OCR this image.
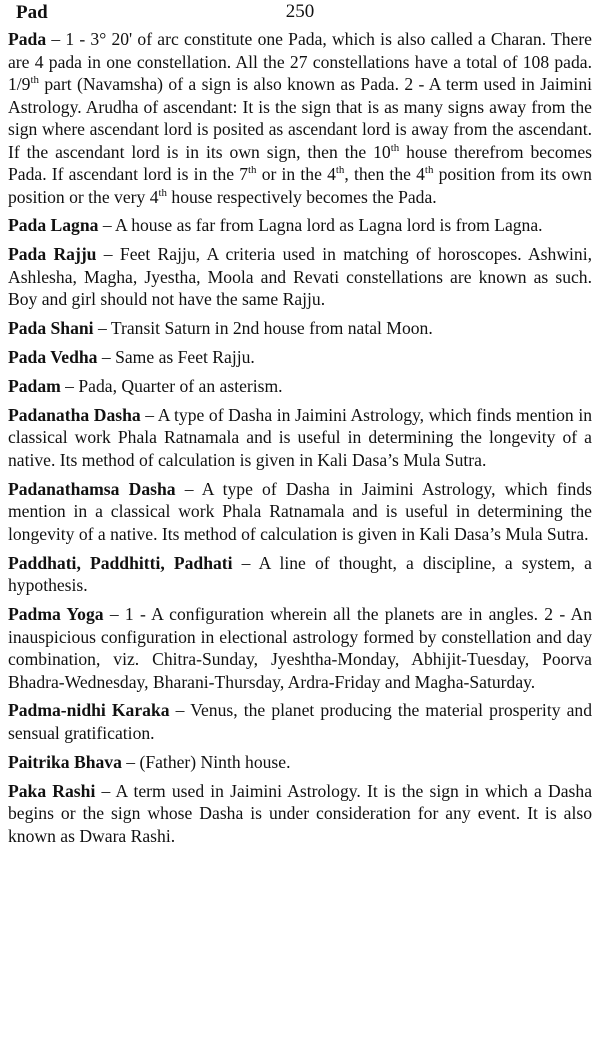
Pad	250

Pada – 1 - 3° 20' of arc constitute one Pada, which is also called a Charan. There are 4 pada in one constellation. All the 27 constellations have a total of 108 pada. 1/9th part (Navamsha) of a sign is also known as Pada. 2 - A term used in Jaimini Astrology. Arudha of ascendant: It is the sign that is as many signs away from the sign where ascendant lord is posited as ascendant lord is away from the ascendant. If the ascendant lord is in its own sign, then the 10th house therefrom becomes Pada. If ascendant lord is in the 7th or in the 4th, then the 4th position from its own position or the very 4th house respectively becomes the Pada.

Pada Lagna – A house as far from Lagna lord as Lagna lord is from Lagna.

Pada Rajju – Feet Rajju, A criteria used in matching of horoscopes. Ashwini, Ashlesha, Magha, Jyestha, Moola and Revati constellations are known as such. Boy and girl should not have the same Rajju.

Pada Shani – Transit Saturn in 2nd house from natal Moon.

Pada Vedha – Same as Feet Rajju.

Padam – Pada, Quarter of an asterism.

Padanatha Dasha – A type of Dasha in Jaimini Astrology, which finds mention in classical work Phala Ratnamala and is useful in determining the longevity of a native. Its method of calculation is given in Kali Dasa’s Mula Sutra.

Padanathamsa Dasha – A type of Dasha in Jaimini Astrology, which finds mention in a classical work Phala Ratnamala and is useful in determining the longevity of a native. Its method of calculation is given in Kali Dasa’s Mula Sutra.

Paddhati, Paddhitti, Padhati – A line of thought, a discipline, a system, a hypothesis.

Padma Yoga – 1 - A configuration wherein all the planets are in angles. 2 - An inauspicious configuration in electional astrology formed by constellation and day combination, viz. Chitra-Sunday, Jyeshtha-Monday, Abhijit-Tuesday, Poorva Bhadra-Wednesday, Bharani-Thursday, Ardra-Friday and Magha-Saturday.

Padma-nidhi Karaka – Venus, the planet producing the material prosperity and sensual gratification.

Paitrika Bhava – (Father) Ninth house.

Paka Rashi – A term used in Jaimini Astrology. It is the sign in which a Dasha begins or the sign whose Dasha is under consideration for any event. It is also known as Dwara Rashi.
